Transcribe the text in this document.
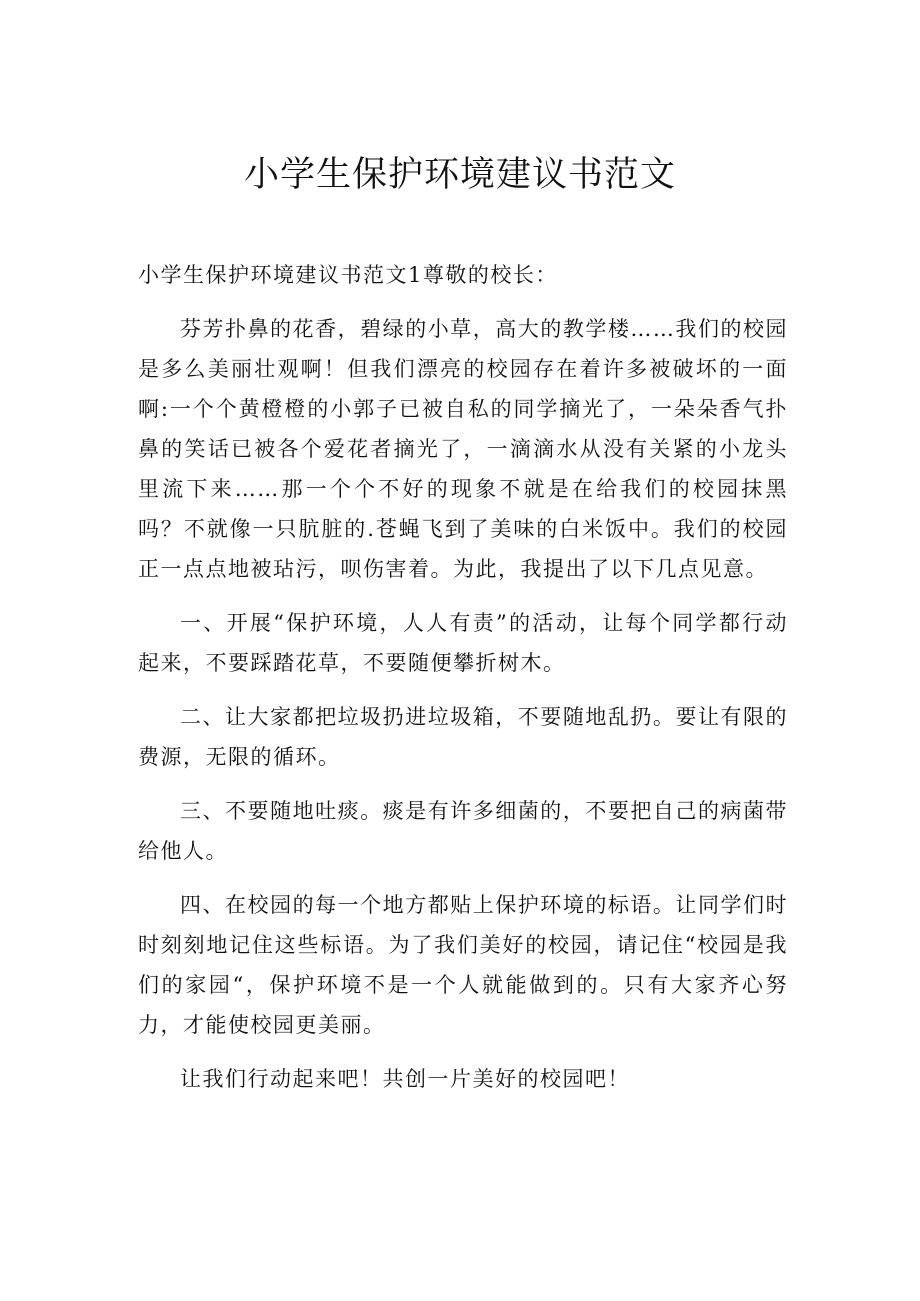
小学生保护环境建议书范文

小学生保护环境建议书范文1尊敬的校长：

芬芳扑鼻的花香，碧绿的小草，高大的教学楼……我们的校园是多么美丽壮观啊！但我们漂亮的校园存在着许多被破坏的一面啊:一个个黄橙橙的小郭子已被自私的同学摘光了，一朵朵香气扑鼻的笑话已被各个爱花者摘光了，一滴滴水从没有关紧的小龙头里流下来……那一个个不好的现象不就是在给我们的校园抹黑吗？不就像一只肮脏的.苍蝇飞到了美味的白米饭中。我们的校园正一点点地被玷污，呗伤害着。为此，我提出了以下几点见意。

一、开展“保护环境，人人有责”的活动，让每个同学都行动起来，不要踩踏花草，不要随便攀折树木。

二、让大家都把垃圾扔进垃圾箱，不要随地乱扔。要让有限的费源，无限的循环。

三、不要随地吐痰。痰是有许多细菌的，不要把自己的病菌带给他人。

四、在校园的每一个地方都贴上保护环境的标语。让同学们时时刻刻地记住这些标语。为了我们美好的校园，请记住“校园是我们的家园“，保护环境不是一个人就能做到的。只有大家齐心努力，才能使校园更美丽。

让我们行动起来吧！共创一片美好的校园吧！
